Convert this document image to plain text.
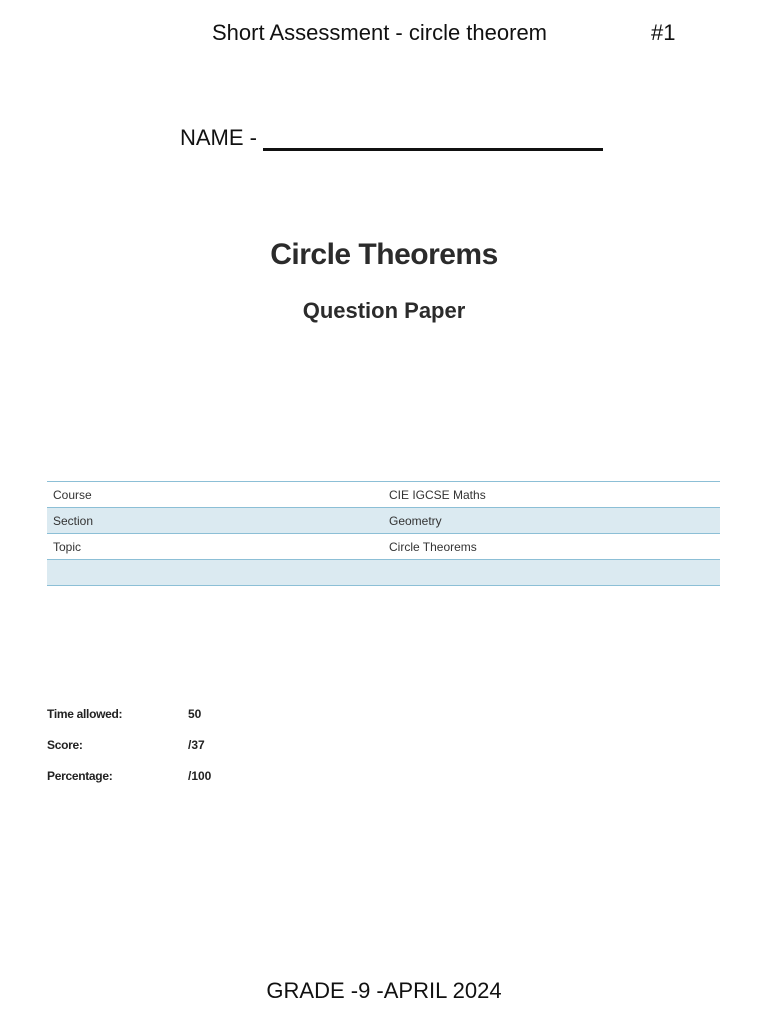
Short Assessment - circle theorem	#1
NAME -
Circle Theorems
Question Paper
Course	CIE IGCSE Maths
Section	Geometry
Topic	Circle Theorems

Time allowed:	50
Score:	/37
Percentage:	/100
GRADE -9 -APRIL 2024
